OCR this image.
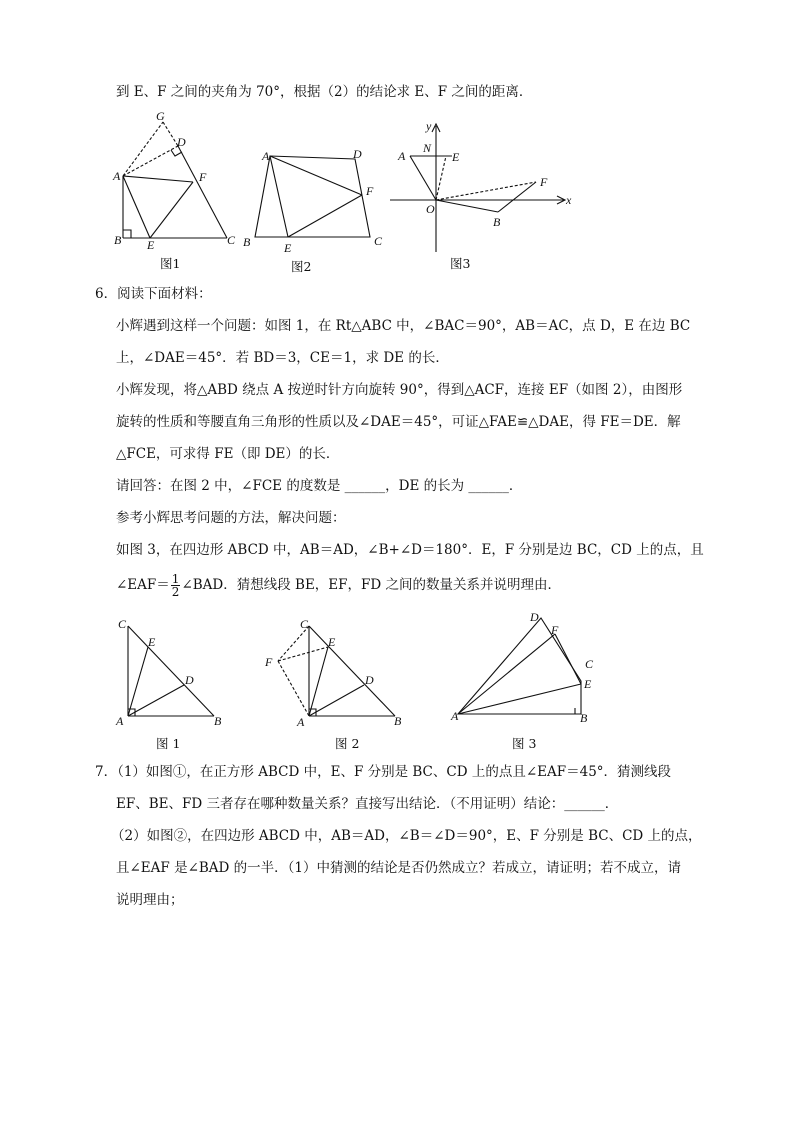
到 E、F 之间的夹角为 70°，根据（2）的结论求 E、F 之间的距离．
G
D
A	F
B E	C
图1
A	D
F
B	E	C
图2
y
A
N
E
F
O
x
B
图3
6．阅读下面材料：
小辉遇到这样一个问题：如图 1，在 Rt△ABC 中，∠BAC＝90°，AB＝AC，点 D，E 在边 BC
上，∠DAE＝45°．若 BD＝3，CE＝1，求 DE 的长．
小辉发现，将△ABD 绕点 A 按逆时针方向旋转 90°，得到△ACF，连接 EF（如图 2），由图形
旋转的性质和等腰直角三角形的性质以及∠DAE＝45°，可证△FAE≌△DAE，得 FE＝DE．解
△FCE，可求得 FE（即 DE）的长．
请回答：在图 2 中，∠FCE 的度数是 ______，DE 的长为 ______．
参考小辉思考问题的方法，解决问题：
如图 3，在四边形 ABCD 中，AB＝AD，∠B+∠D＝180°．E，F 分别是边 BC，CD 上的点，且
∠EAF＝ $\frac{1}{2}$ ∠BAD．猜想线段 BE，EF，FD 之间的数量关系并说明理由．
C
E
D
A	B
图 1
C
E
F
D
A	B
图 2
D
F
C
E
A	B
图 3
7．（1）如图①，在正方形 ABCD 中，E、F 分别是 BC、CD 上的点且∠EAF＝45°．猜测线段
EF、BE、FD 三者存在哪种数量关系？直接写出结论．（不用证明）结论：______．
（2）如图②，在四边形 ABCD 中，AB＝AD，∠B＝∠D＝90°，E、F 分别是 BC、CD 上的点，
且∠EAF 是∠BAD 的一半．（1）中猜测的结论是否仍然成立？若成立，请证明；若不成立，请
说明理由；
